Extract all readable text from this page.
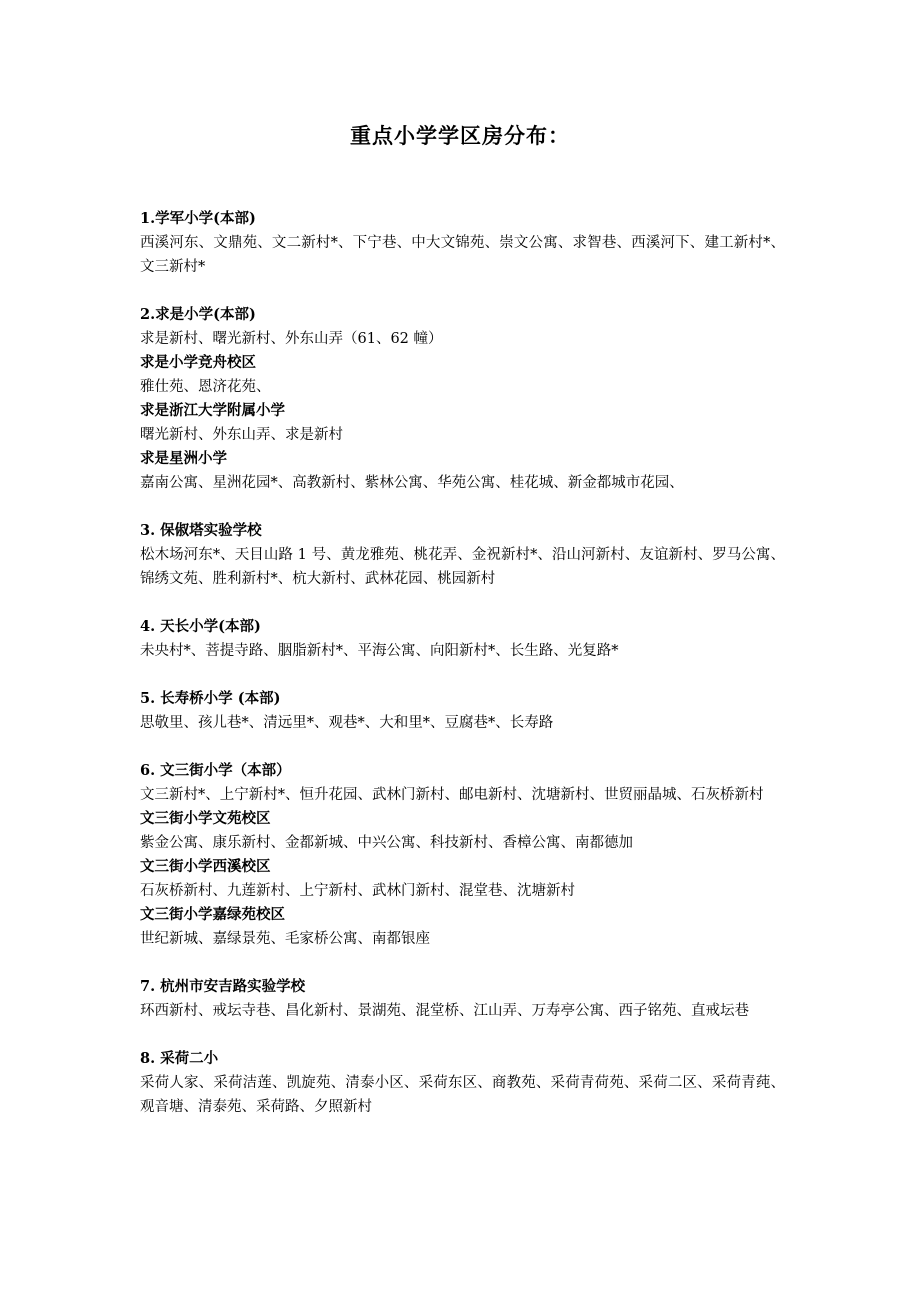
重点小学学区房分布：
1.学军小学(本部)
西溪河东、文鼎苑、文二新村*、下宁巷、中大文锦苑、崇文公寓、求智巷、西溪河下、建工新村*、文三新村*
2.求是小学(本部)
求是新村、曙光新村、外东山弄（61、62 幢）
求是小学竞舟校区
雅仕苑、恩济花苑、
求是浙江大学附属小学
曙光新村、外东山弄、求是新村
求是星洲小学
嘉南公寓、星洲花园*、高教新村、紫林公寓、华苑公寓、桂花城、新金都城市花园、
3. 保俶塔实验学校
松木场河东*、天目山路 1 号、黄龙雅苑、桃花弄、金祝新村*、沿山河新村、友谊新村、罗马公寓、锦绣文苑、胜利新村*、杭大新村、武林花园、桃园新村
4. 天长小学(本部)
未央村*、菩提寺路、胭脂新村*、平海公寓、向阳新村*、长生路、光复路*
5. 长寿桥小学 (本部)
思敬里、孩儿巷*、清远里*、观巷*、大和里*、豆腐巷*、长寿路
6. 文三街小学（本部）
文三新村*、上宁新村*、恒升花园、武林门新村、邮电新村、沈塘新村、世贸丽晶城、石灰桥新村
文三街小学文苑校区
紫金公寓、康乐新村、金都新城、中兴公寓、科技新村、香樟公寓、南都德加
文三街小学西溪校区
石灰桥新村、九莲新村、上宁新村、武林门新村、混堂巷、沈塘新村
文三街小学嘉绿苑校区
世纪新城、嘉绿景苑、毛家桥公寓、南都银座
7. 杭州市安吉路实验学校
环西新村、戒坛寺巷、昌化新村、景湖苑、混堂桥、江山弄、万寿亭公寓、西子铭苑、直戒坛巷
8. 采荷二小
采荷人家、采荷洁莲、凯旋苑、清泰小区、采荷东区、商教苑、采荷青荷苑、采荷二区、采荷青莼、观音塘、清泰苑、采荷路、夕照新村
